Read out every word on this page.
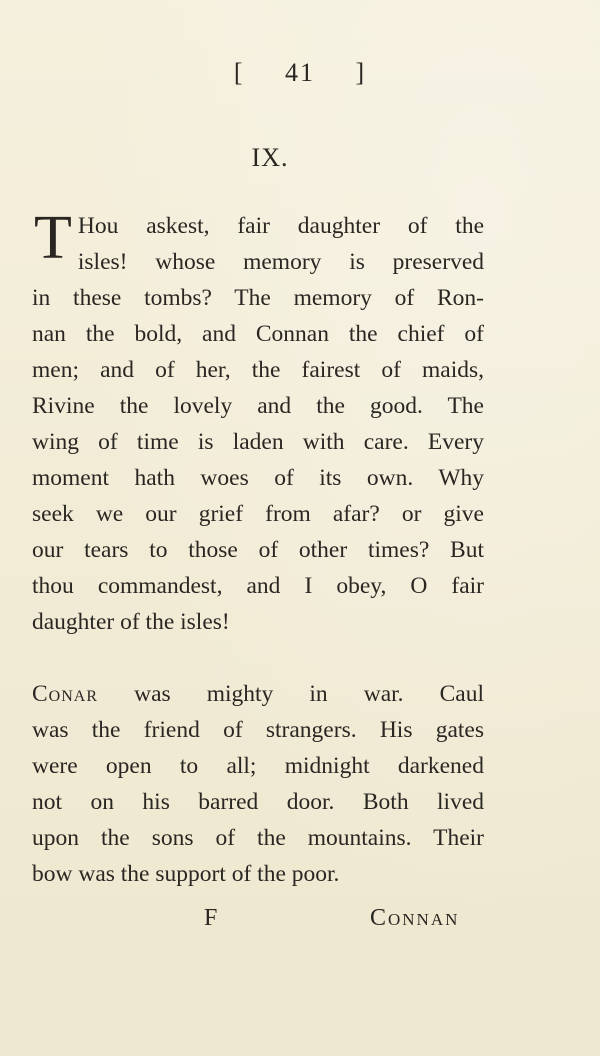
[ 41 ]
IX.
T Hou askest, fair daughter of the
isles! whose memory is preserved
in these tombs? The memory of Ron-
nan the bold, and Connan the chief of
men; and of her, the fairest of maids,
Rivine the lovely and the good. The
wing of time is laden with care. Every
moment hath woes of its own. Why
seek we our grief from afar? or give
our tears to those of other times? But
thou commandest, and I obey, O fair
daughter of the isles!
Conar was mighty in war. Caul
was the friend of strangers. His gates
were open to all; midnight darkened
not on his barred door. Both lived
upon the sons of the mountains. Their
bow was the support of the poor.
F	Connan
